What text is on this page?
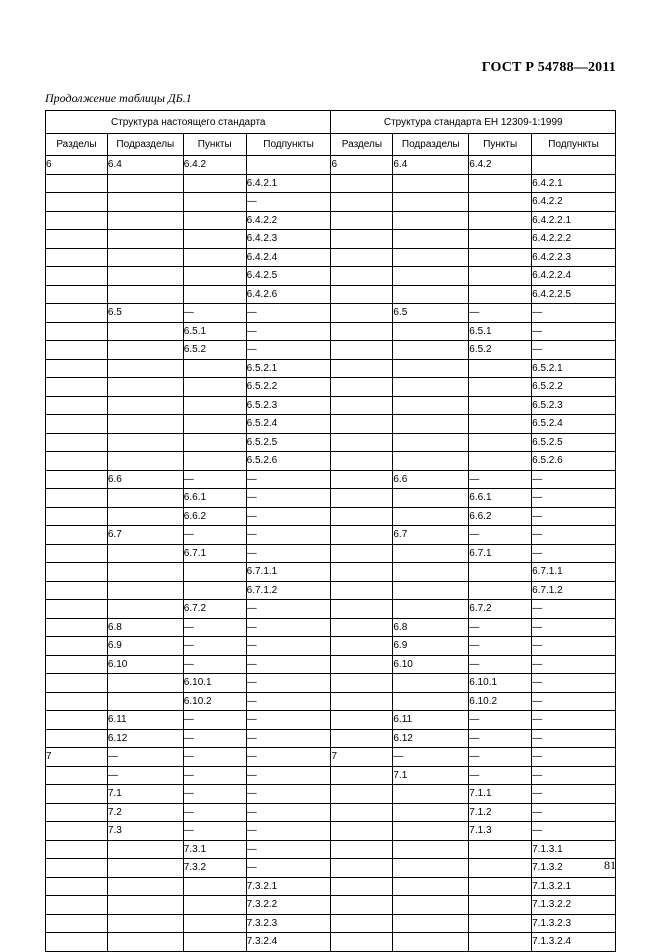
ГОСТ Р 54788—2011
Продолжение таблицы ДБ.1
Структура настоящего стандарта				Структура стандарта ЕН 12309-1:1999			
Разделы	Подразделы	Пункты	Подпункты	Разделы	Подразделы	Пункты	Подпункты
6	6.4	6.4.2		6	6.4	6.4.2	
			6.4.2.1				6.4.2.1
			—				6.4.2.2
			6.4.2.2				6.4.2.2.1
			6.4.2.3				6.4.2.2.2
			6.4.2.4				6.4.2.2.3
			6.4.2.5				6.4.2.2.4
			6.4.2.6				6.4.2.2.5
	6.5	—	—		6.5	—	—
		6.5.1	—			6.5.1	—
		6.5.2	—			6.5.2	—
			6.5.2.1				6.5.2.1
			6.5.2.2				6.5.2.2
			6.5.2.3				6.5.2.3
			6.5.2.4				6.5.2.4
			6.5.2.5				6.5.2.5
			6.5.2.6				6.5.2.6
	6.6	—	—		6.6	—	—
		6.6.1	—			6.6.1	—
		6.6.2	—			6.6.2	—
	6.7	—	—		6.7	—	—
		6.7.1	—			6.7.1	—
			6.7.1.1				6.7.1.1
			6.7.1.2				6.7.1.2
		6.7.2	—			6.7.2	—
	6.8	—	—		6.8	—	—
	6.9	—	—		6.9	—	—
	6.10	—	—		6.10	—	—
		6.10.1	—			6.10.1	—
		6.10.2	—			6.10.2	—
	6.11	—	—		6.11	—	—
	6.12	—	—		6.12	—	—
7	—	—	—	7	—	—	—
	—	—	—		7.1	—	—
	7.1	—	—			7.1.1	—
	7.2	—	—			7.1.2	—
	7.3	—	—			7.1.3	—
		7.3.1	—				7.1.3.1
		7.3.2	—				7.1.3.2
			7.3.2.1				7.1.3.2.1
			7.3.2.2				7.1.3.2.2
			7.3.2.3				7.1.3.2.3
			7.3.2.4				7.1.3.2.4
81
